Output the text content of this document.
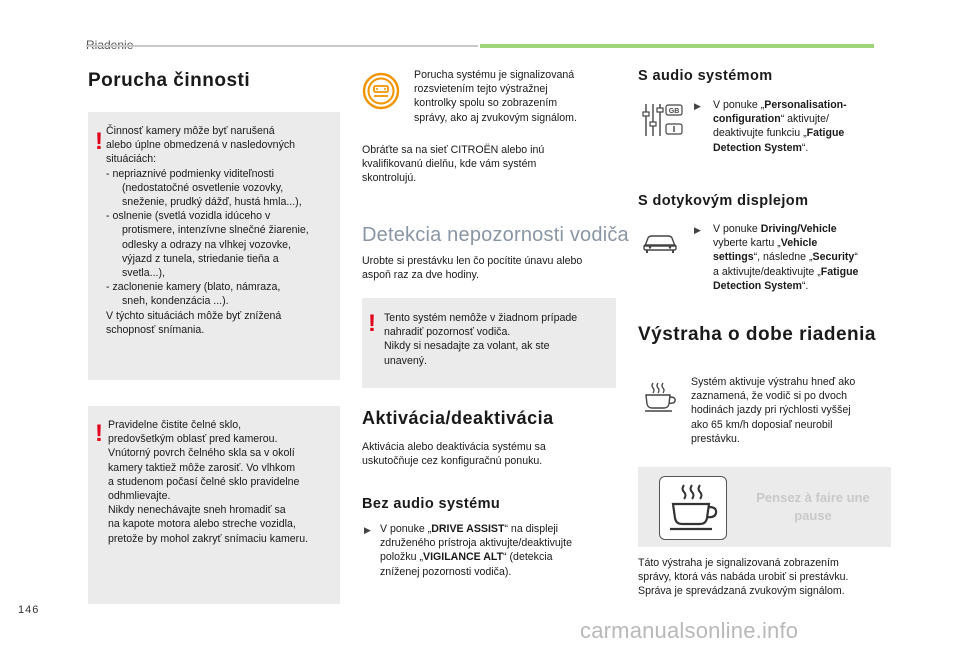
Porucha činnosti
! Činnosť kamery môže byť narušená
alebo úplne obmedzená v nasledovných
situáciách:
- nepriaznivé podmienky viditeľnosti
(nedostatočné osvetlenie vozovky,
sneženie, prudký dážď, hustá hmla...),
- oslnenie (svetlá vozidla idúceho v
protismere, intenzívne slnečné žiarenie,
odlesky a odrazy na vlhkej vozovke,
výjazd z tunela, striedanie tieňa a
svetla...),
- zaclonenie kamery (blato, námraza,
sneh, kondenzácia ...).
V týchto situáciách môže byť znížená
schopnosť snímania.
! Pravidelne čistite čelné sklo,
predovšetkým oblasť pred kamerou.
Vnútorný povrch čelného skla sa v okolí
kamery taktiež môže zarosiť. Vo vlhkom
a studenom počasí čelné sklo pravidelne
odhmlievajte.
Nikdy nenechávajte sneh hromadiť sa
na kapote motora alebo streche vozidla,
pretože by mohol zakryť snímaciu kameru.
Porucha systému je signalizovaná
rozsvietením tejto výstražnej
kontrolky spolu so zobrazením
správy, ako aj zvukovým signálom.
Obráťte sa na sieť CITROËN alebo inú
kvalifikovanú dielňu, kde vám systém
skontrolujú.
Detekcia nepozornosti vodiča
Urobte si prestávku len čo pocítite únavu alebo
aspoň raz za dve hodiny.
! Tento systém nemôže v žiadnom prípade
nahradiť pozornosť vodiča.
Nikdy si nesadajte za volant, ak ste
unavený.
Aktivácia/deaktivácia
Aktivácia alebo deaktivácia systému sa
uskutočňuje cez konfiguračnú ponuku.
Bez audio systému
▶ V ponuke „DRIVE ASSIST“ na displeji
združeného prístroja aktivujte/deaktivujte
položku „VIGILANCE ALT“ (detekcia
zníženej pozornosti vodiča).
S audio systémom
GB
▶ V ponuke „Personalisation-
configuration“ aktivujte/
deaktivujte funkciu „Fatigue
Detection System“.
S dotykovým displejom
▶ V ponuke Driving/Vehicle
vyberte kartu „Vehicle
settings“, následne „Security“
a aktivujte/deaktivujte „Fatigue
Detection System“.
Výstraha o dobe riadenia
Systém aktivuje výstrahu hneď ako
zaznamená, že vodič si po dvoch
hodinách jazdy pri rýchlosti vyššej
ako 65 km/h doposiaľ neurobil
prestávku.
Pensez à faire une
pause
Táto výstraha je signalizovaná zobrazením
správy, ktorá vás nabáda urobiť si prestávku.
Správa je sprevádzaná zvukovým signálom.
146
carmanualsonline.info
